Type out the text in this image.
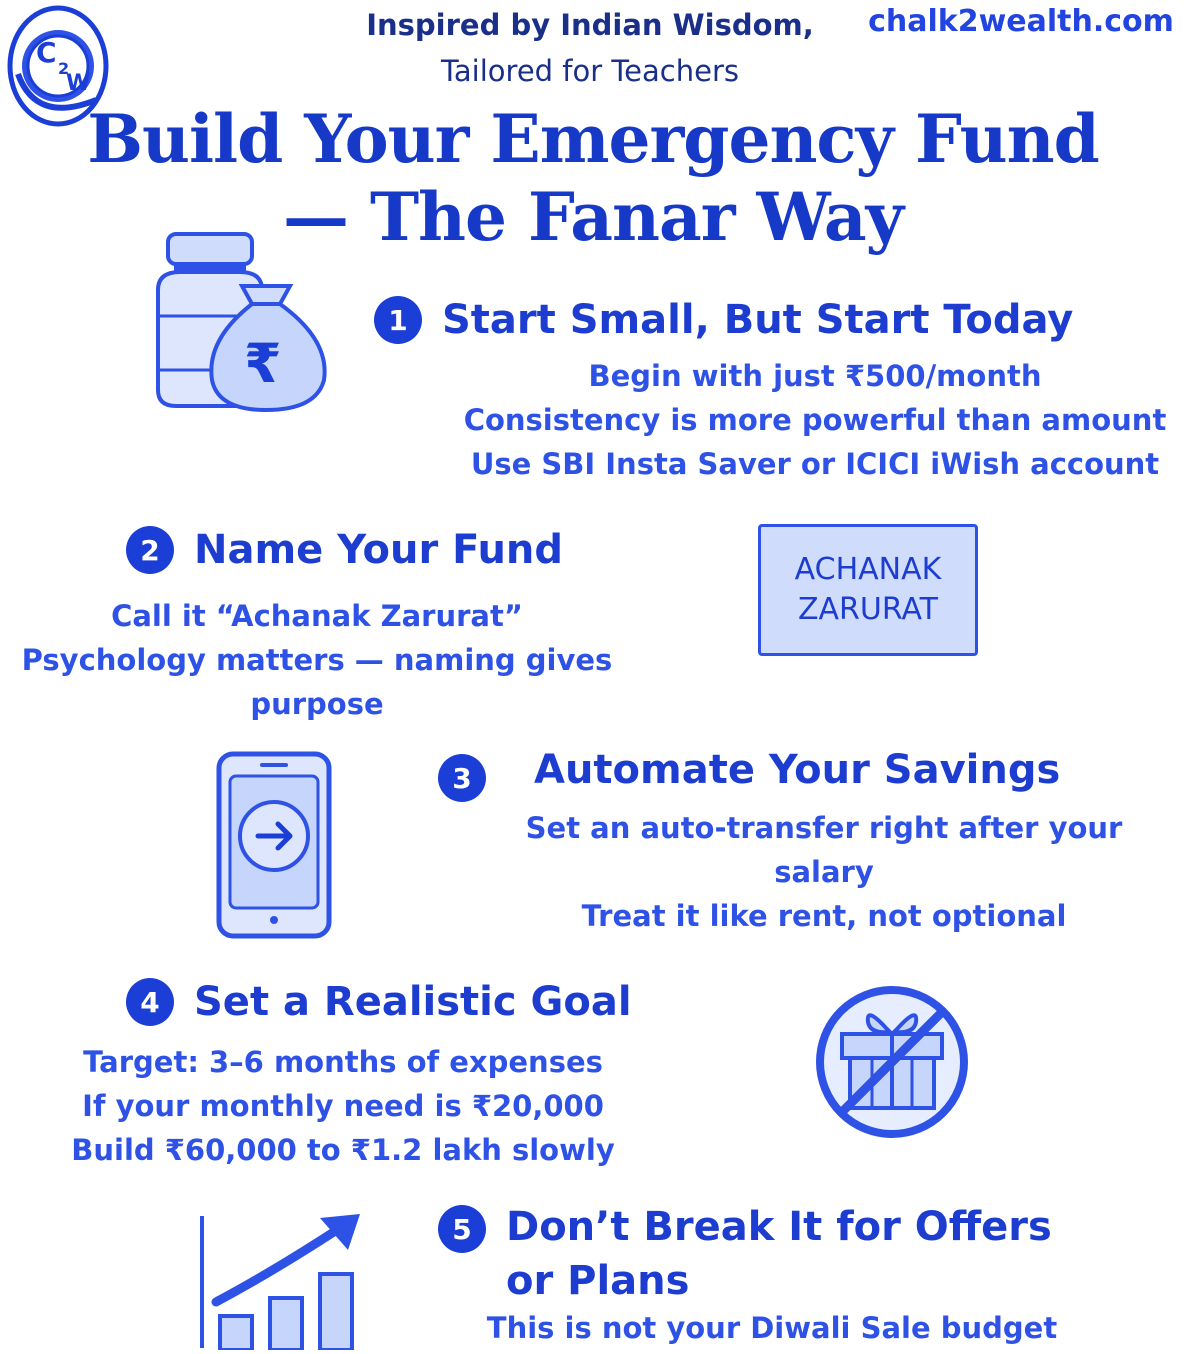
C 2
W
Inspired by Indian Wisdom,
Tailored for Teachers
chalk2wealth.com
Build Your Emergency Fund
— The Fanar Way
₹
1 Start Small, But Start Today
Begin with just ₹500/month
Consistency is more powerful than amount
Use SBI Insta Saver or ICICI iWish account
2 Name Your Fund
Call it “Achanak Zarurat”
Psychology matters — naming gives
purpose
ACHANAK
ZARURAT
3	Automate Your Savings
Set an auto-transfer right after your
salary
Treat it like rent, not optional
4 Set a Realistic Goal
Target: 3–6 months of expenses
If your monthly need is ₹20,000
Build ₹60,000 to ₹1.2 lakh slowly
5 Don’t Break It for Offers
or Plans
This is not your Diwali Sale budget
